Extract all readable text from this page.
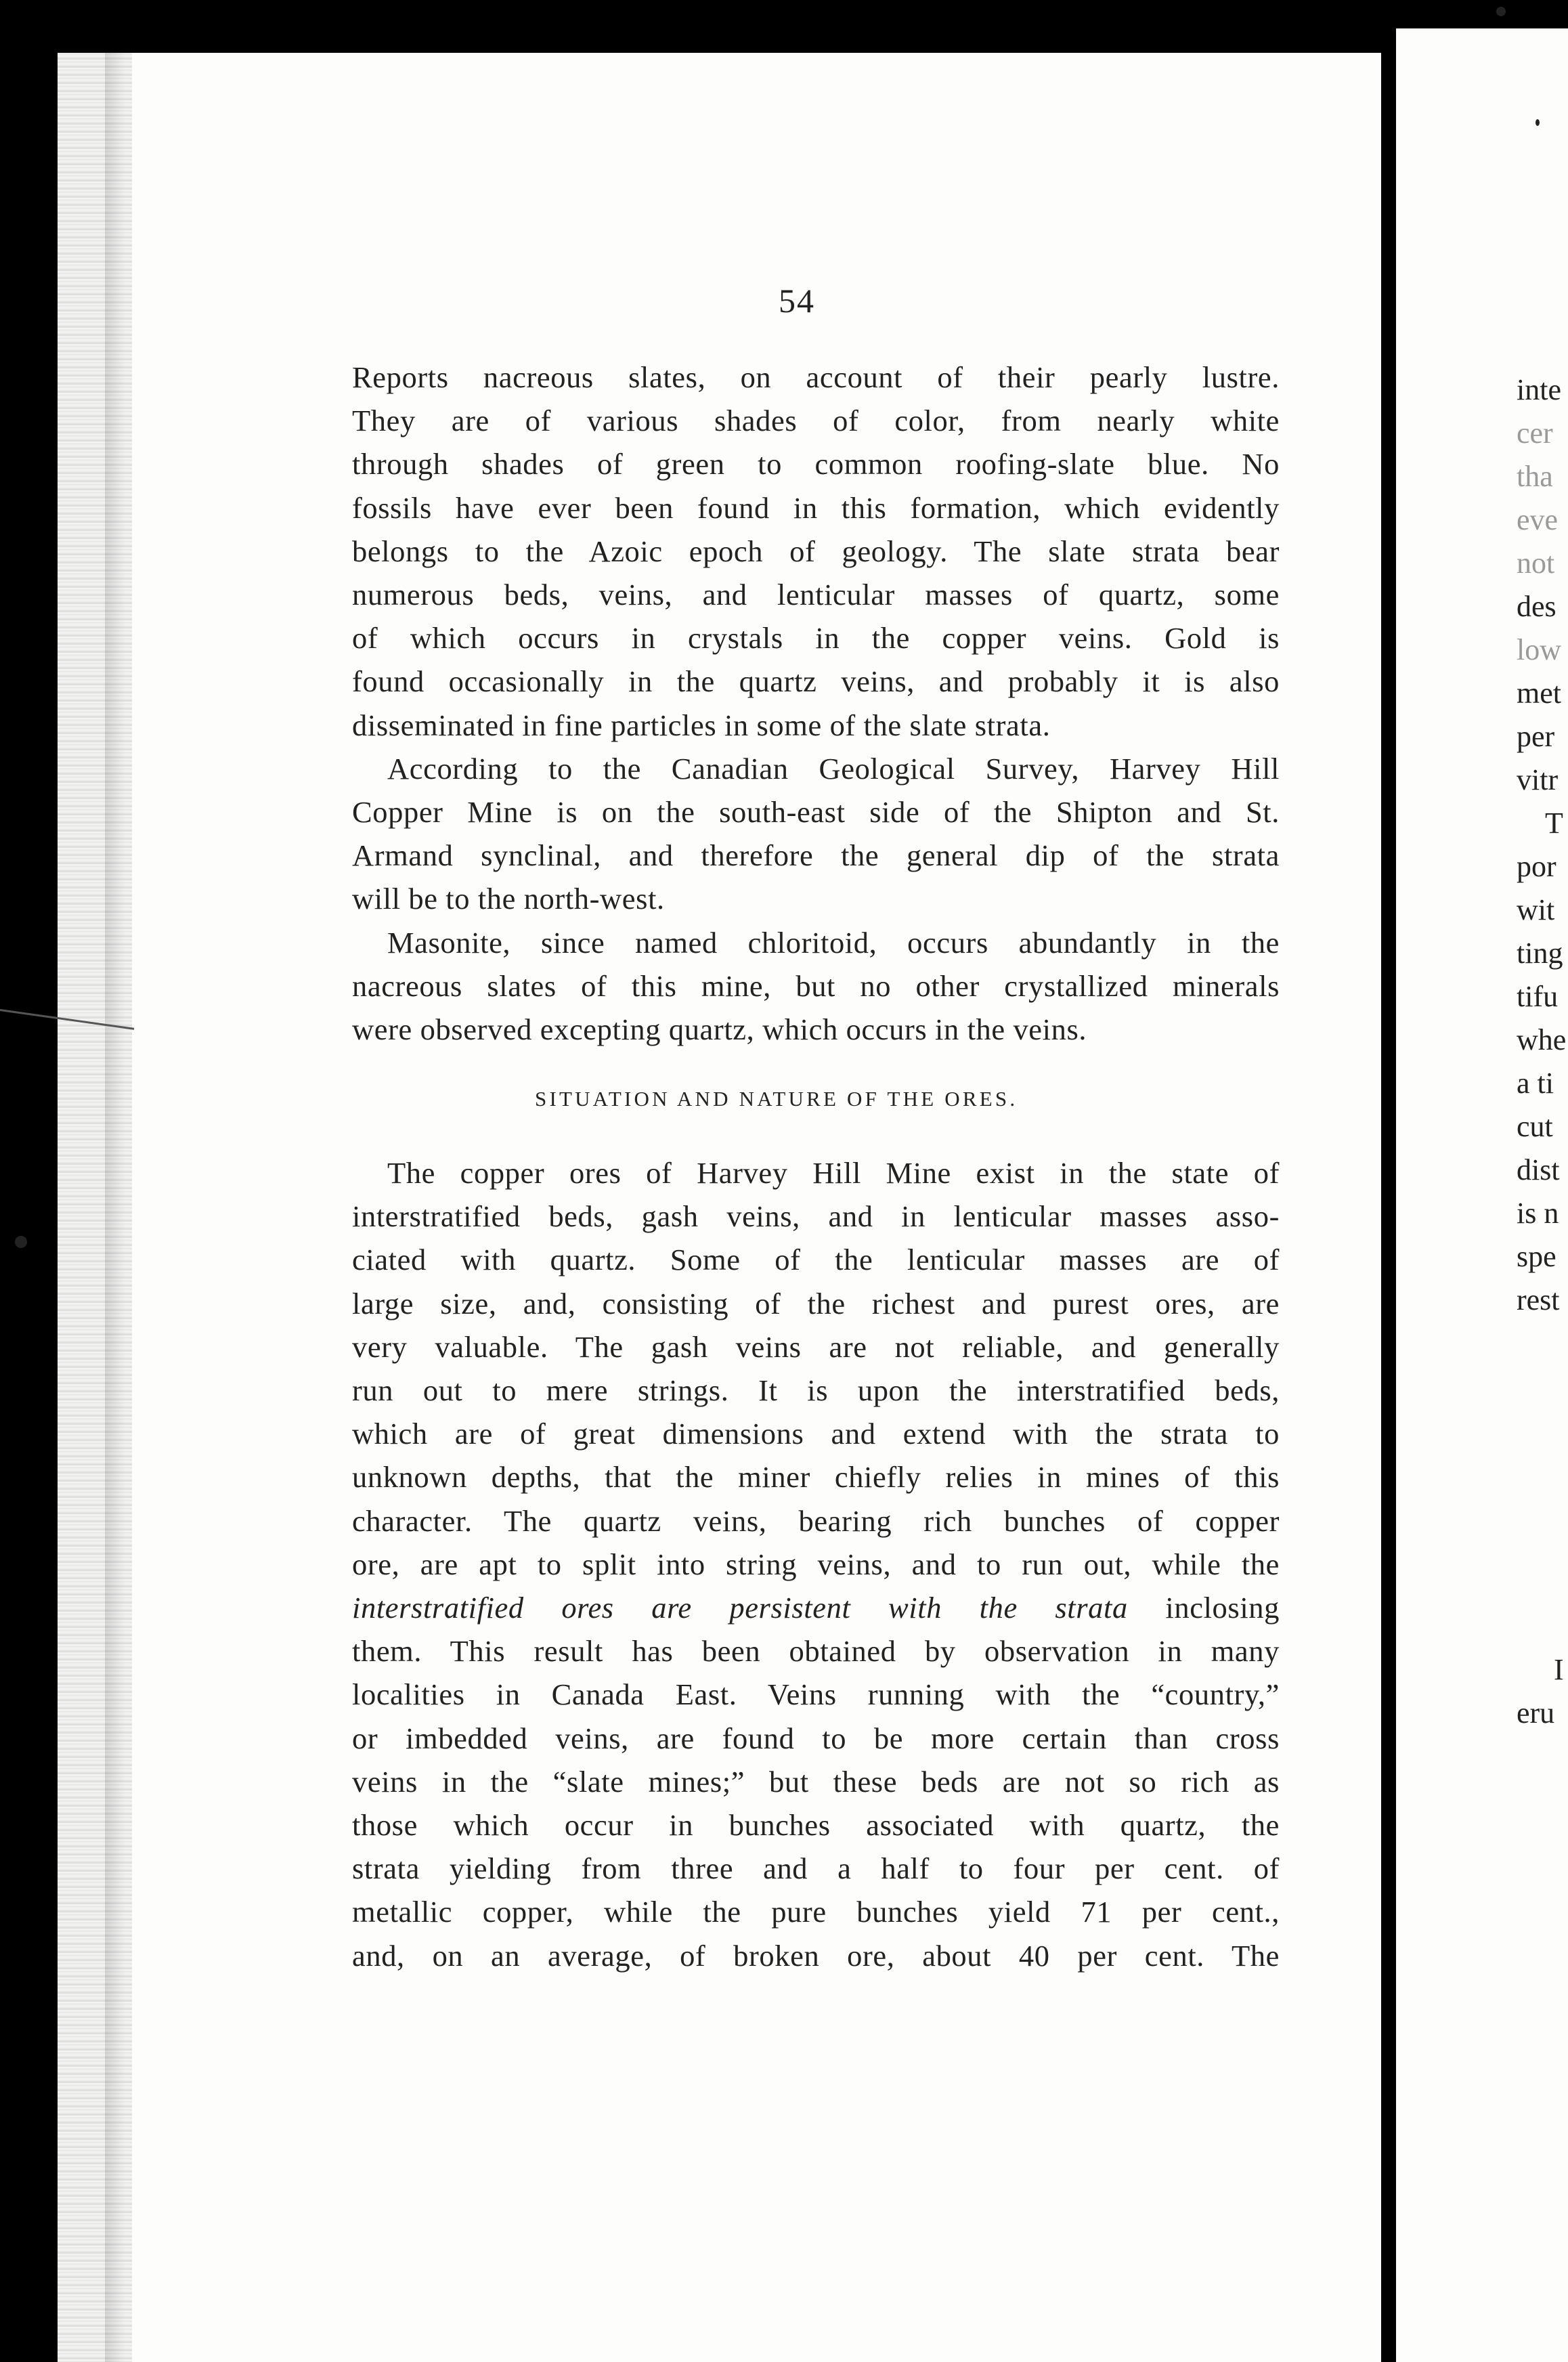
54
Reports nacreous slates, on account of their pearly lustre.
They are of various shades of color, from nearly white
through shades of green to common roofing-slate blue. No
fossils have ever been found in this formation, which evidently
belongs to the Azoic epoch of geology. The slate strata bear
numerous beds, veins, and lenticular masses of quartz, some
of which occurs in crystals in the copper veins. Gold is
found occasionally in the quartz veins, and probably it is also
disseminated in fine particles in some of the slate strata.
According to the Canadian Geological Survey, Harvey Hill
Copper Mine is on the south-east side of the Shipton and St.
Armand synclinal, and therefore the general dip of the strata
will be to the north-west.
Masonite, since named chloritoid, occurs abundantly in the
nacreous slates of this mine, but no other crystallized minerals
were observed excepting quartz, which occurs in the veins.
SITUATION AND NATURE OF THE ORES.
The copper ores of Harvey Hill Mine exist in the state of
interstratified beds, gash veins, and in lenticular masses asso-
ciated with quartz. Some of the lenticular masses are of
large size, and, consisting of the richest and purest ores, are
very valuable. The gash veins are not reliable, and generally
run out to mere strings. It is upon the interstratified beds,
which are of great dimensions and extend with the strata to
unknown depths, that the miner chiefly relies in mines of this
character. The quartz veins, bearing rich bunches of copper
ore, are apt to split into string veins, and to run out, while the
interstratified ores are persistent with the strata inclosing
them. This result has been obtained by observation in many
localities in Canada East. Veins running with the “country,”
or imbedded veins, are found to be more certain than cross
veins in the “slate mines;” but these beds are not so rich as
those which occur in bunches associated with quartz, the
strata yielding from three and a half to four per cent. of
metallic copper, while the pure bunches yield 71 per cent.,
and, on an average, of broken ore, about 40 per cent. The
inte
cer
tha
eve
not
des
low
met
per
vitr
T
por
wit
ting
tifu
whe
a ti
cut
dist
is n
spe
rest
I
eru
